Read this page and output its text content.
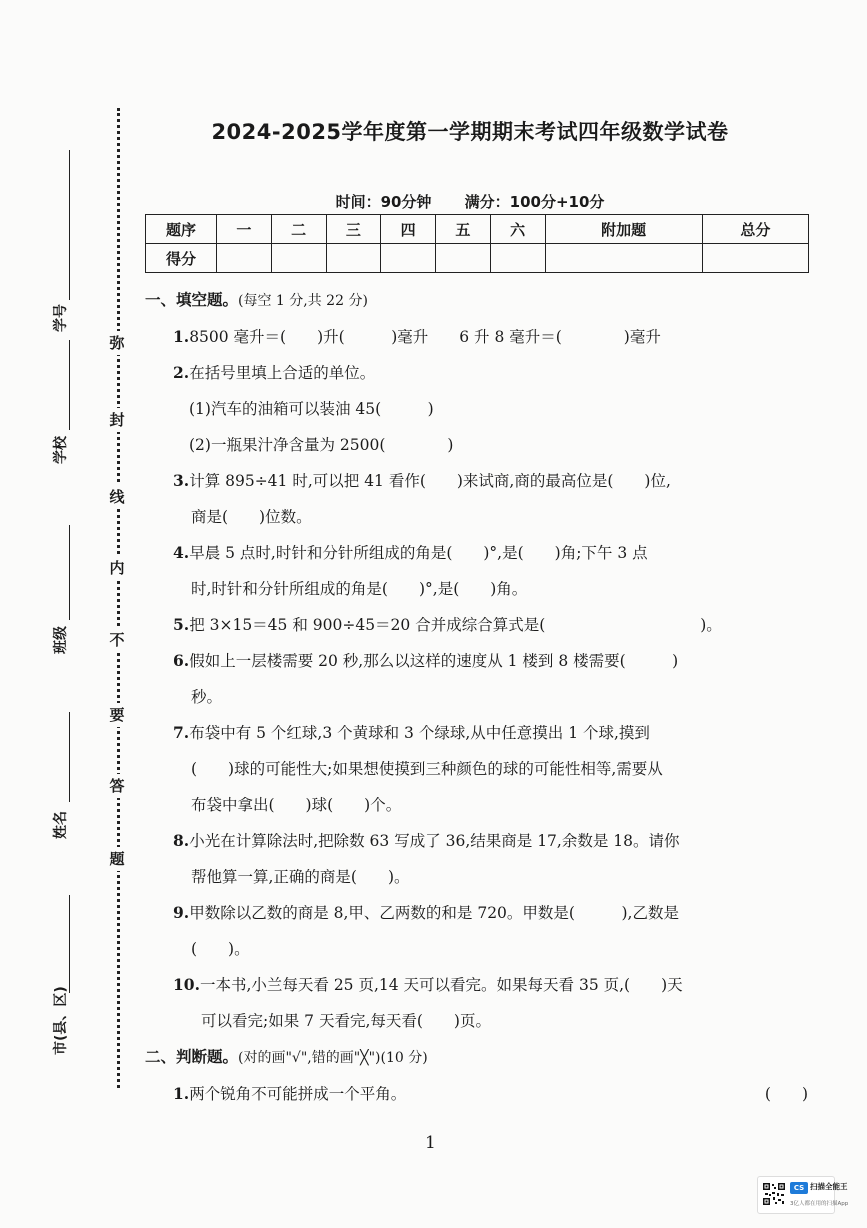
学号
学校
班级
姓名
市(县、区)
弥
封
线
内
不
要
答
题
2024-2025学年度第一学期期末考试四年级数学试卷
时间：90分钟 满分：100分+10分
题序	一	二	三	四	五	六	附加题	总分
得分								
一、填空题。(每空 1 分,共 22 分)
1.8500 毫升＝(　　)升(　　　)毫升　　6 升 8 毫升＝(　　　　)毫升
2.在括号里填上合适的单位。
(1)汽车的油箱可以装油 45(　　　)
(2)一瓶果汁净含量为 2500(　　　　)
3.计算 895÷41 时,可以把 41 看作(　　)来试商,商的最高位是(　　)位,
商是(　　)位数。
4.早晨 5 点时,时针和分针所组成的角是(　　)°,是(　　)角;下午 3 点
时,时针和分针所组成的角是(　　)°,是(　　)角。
5.把 3×15＝45 和 900÷45＝20 合并成综合算式是(　　　　　　　　　　)。
6.假如上一层楼需要 20 秒,那么以这样的速度从 1 楼到 8 楼需要(　　　)
秒。
7.布袋中有 5 个红球,3 个黄球和 3 个绿球,从中任意摸出 1 个球,摸到
(　　)球的可能性大;如果想使摸到三种颜色的球的可能性相等,需要从
布袋中拿出(　　)球(　　)个。
8.小光在计算除法时,把除数 63 写成了 36,结果商是 17,余数是 18。请你
帮他算一算,正确的商是(　　)。
9.甲数除以乙数的商是 8,甲、乙两数的和是 720。甲数是(　　　),乙数是
(　　)。
10.一本书,小兰每天看 25 页,14 天可以看完。如果每天看 35 页,(　　)天
可以看完;如果 7 天看完,每天看(　　)页。
二、判断题。(对的画"√",错的画"╳")(10 分)
1.两个锐角不可能拼成一个平角。	(　　)
1
CS 扫描全能王
3亿人都在用的扫描App
